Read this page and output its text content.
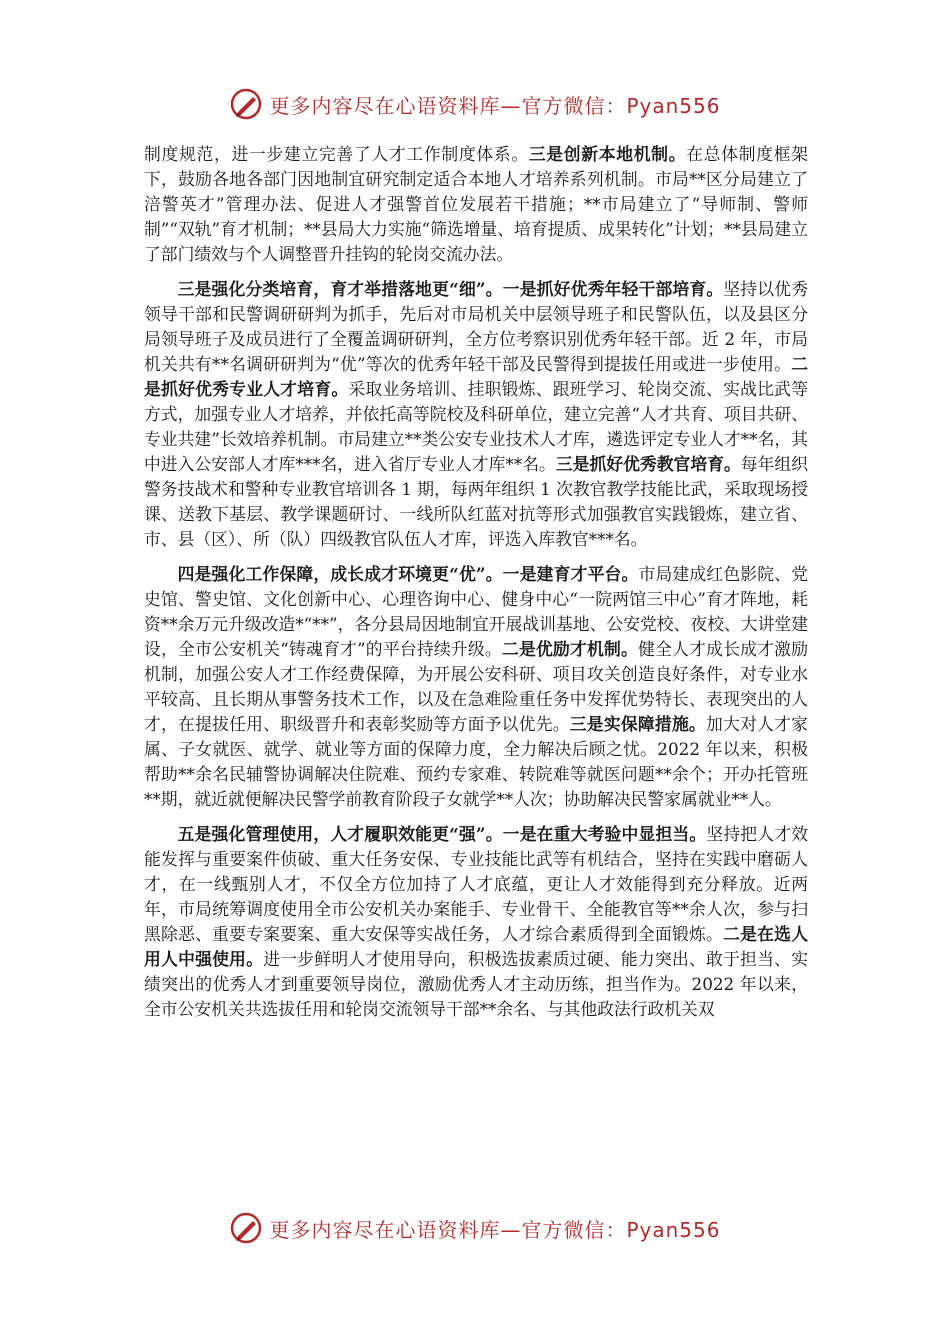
更多内容尽在心语资料库—官方微信：Pyan556

制度规范，进一步建立完善了人才工作制度体系。三是创新本地机制。在总体制度框架下，鼓励各地各部门因地制宜研究制定适合本地人才培养系列机制。市局**区分局建立了涪警英才”管理办法、促进人才强警首位发展若干措施；**市局建立了“导师制、警师制”“双轨”育才机制；**县局大力实施“筛选增量、培育提质、成果转化”计划；**县局建立了部门绩效与个人调整晋升挂钩的轮岗交流办法。

三是强化分类培育，育才举措落地更“细”。一是抓好优秀年轻干部培育。坚持以优秀领导干部和民警调研研判为抓手，先后对市局机关中层领导班子和民警队伍，以及县区分局领导班子及成员进行了全覆盖调研研判，全方位考察识别优秀年轻干部。近 2 年，市局机关共有**名调研研判为“优”等次的优秀年轻干部及民警得到提拔任用或进一步使用。二是抓好优秀专业人才培育。采取业务培训、挂职锻炼、跟班学习、轮岗交流、实战比武等方式，加强专业人才培养，并依托高等院校及科研单位，建立完善“人才共育、项目共研、专业共建”长效培养机制。市局建立**类公安专业技术人才库，遴选评定专业人才**名，其中进入公安部人才库***名，进入省厅专业人才库**名。三是抓好优秀教官培育。每年组织警务技战术和警种专业教官培训各 1 期，每两年组织 1 次教官教学技能比武，采取现场授课、送教下基层、教学课题研讨、一线所队红蓝对抗等形式加强教官实践锻炼，建立省、市、县（区）、所（队）四级教官队伍人才库，评选入库教官***名。

四是强化工作保障，成长成才环境更“优”。一是建育才平台。市局建成红色影院、党史馆、警史馆、文化创新中心、心理咨询中心、健身中心“一院两馆三中心”育才阵地，耗资**余万元升级改造*“**”，各分县局因地制宜开展战训基地、公安党校、夜校、大讲堂建设，全市公安机关“铸魂育才”的平台持续升级。二是优励才机制。健全人才成长成才激励机制，加强公安人才工作经费保障，为开展公安科研、项目攻关创造良好条件，对专业水平较高、且长期从事警务技术工作，以及在急难险重任务中发挥优势特长、表现突出的人才，在提拔任用、职级晋升和表彰奖励等方面予以优先。三是实保障措施。加大对人才家属、子女就医、就学、就业等方面的保障力度，全力解决后顾之忧。2022 年以来，积极帮助**余名民辅警协调解决住院难、预约专家难、转院难等就医问题**余个；开办托管班**期，就近就便解决民警学前教育阶段子女就学**人次；协助解决民警家属就业**人。

五是强化管理使用，人才履职效能更“强”。一是在重大考验中显担当。坚持把人才效能发挥与重要案件侦破、重大任务安保、专业技能比武等有机结合，坚持在实践中磨砺人才，在一线甄别人才，不仅全方位加持了人才底蕴，更让人才效能得到充分释放。近两年，市局统筹调度使用全市公安机关办案能手、专业骨干、全能教官等**余人次，参与扫黑除恶、重要专案要案、重大安保等实战任务，人才综合素质得到全面锻炼。二是在选人用人中强使用。进一步鲜明人才使用导向，积极选拔素质过硬、能力突出、敢于担当、实绩突出的优秀人才到重要领导岗位，激励优秀人才主动历练，担当作为。2022 年以来，全市公安机关共选拔任用和轮岗交流领导干部**余名、与其他政法行政机关双

更多内容尽在心语资料库—官方微信：Pyan556
